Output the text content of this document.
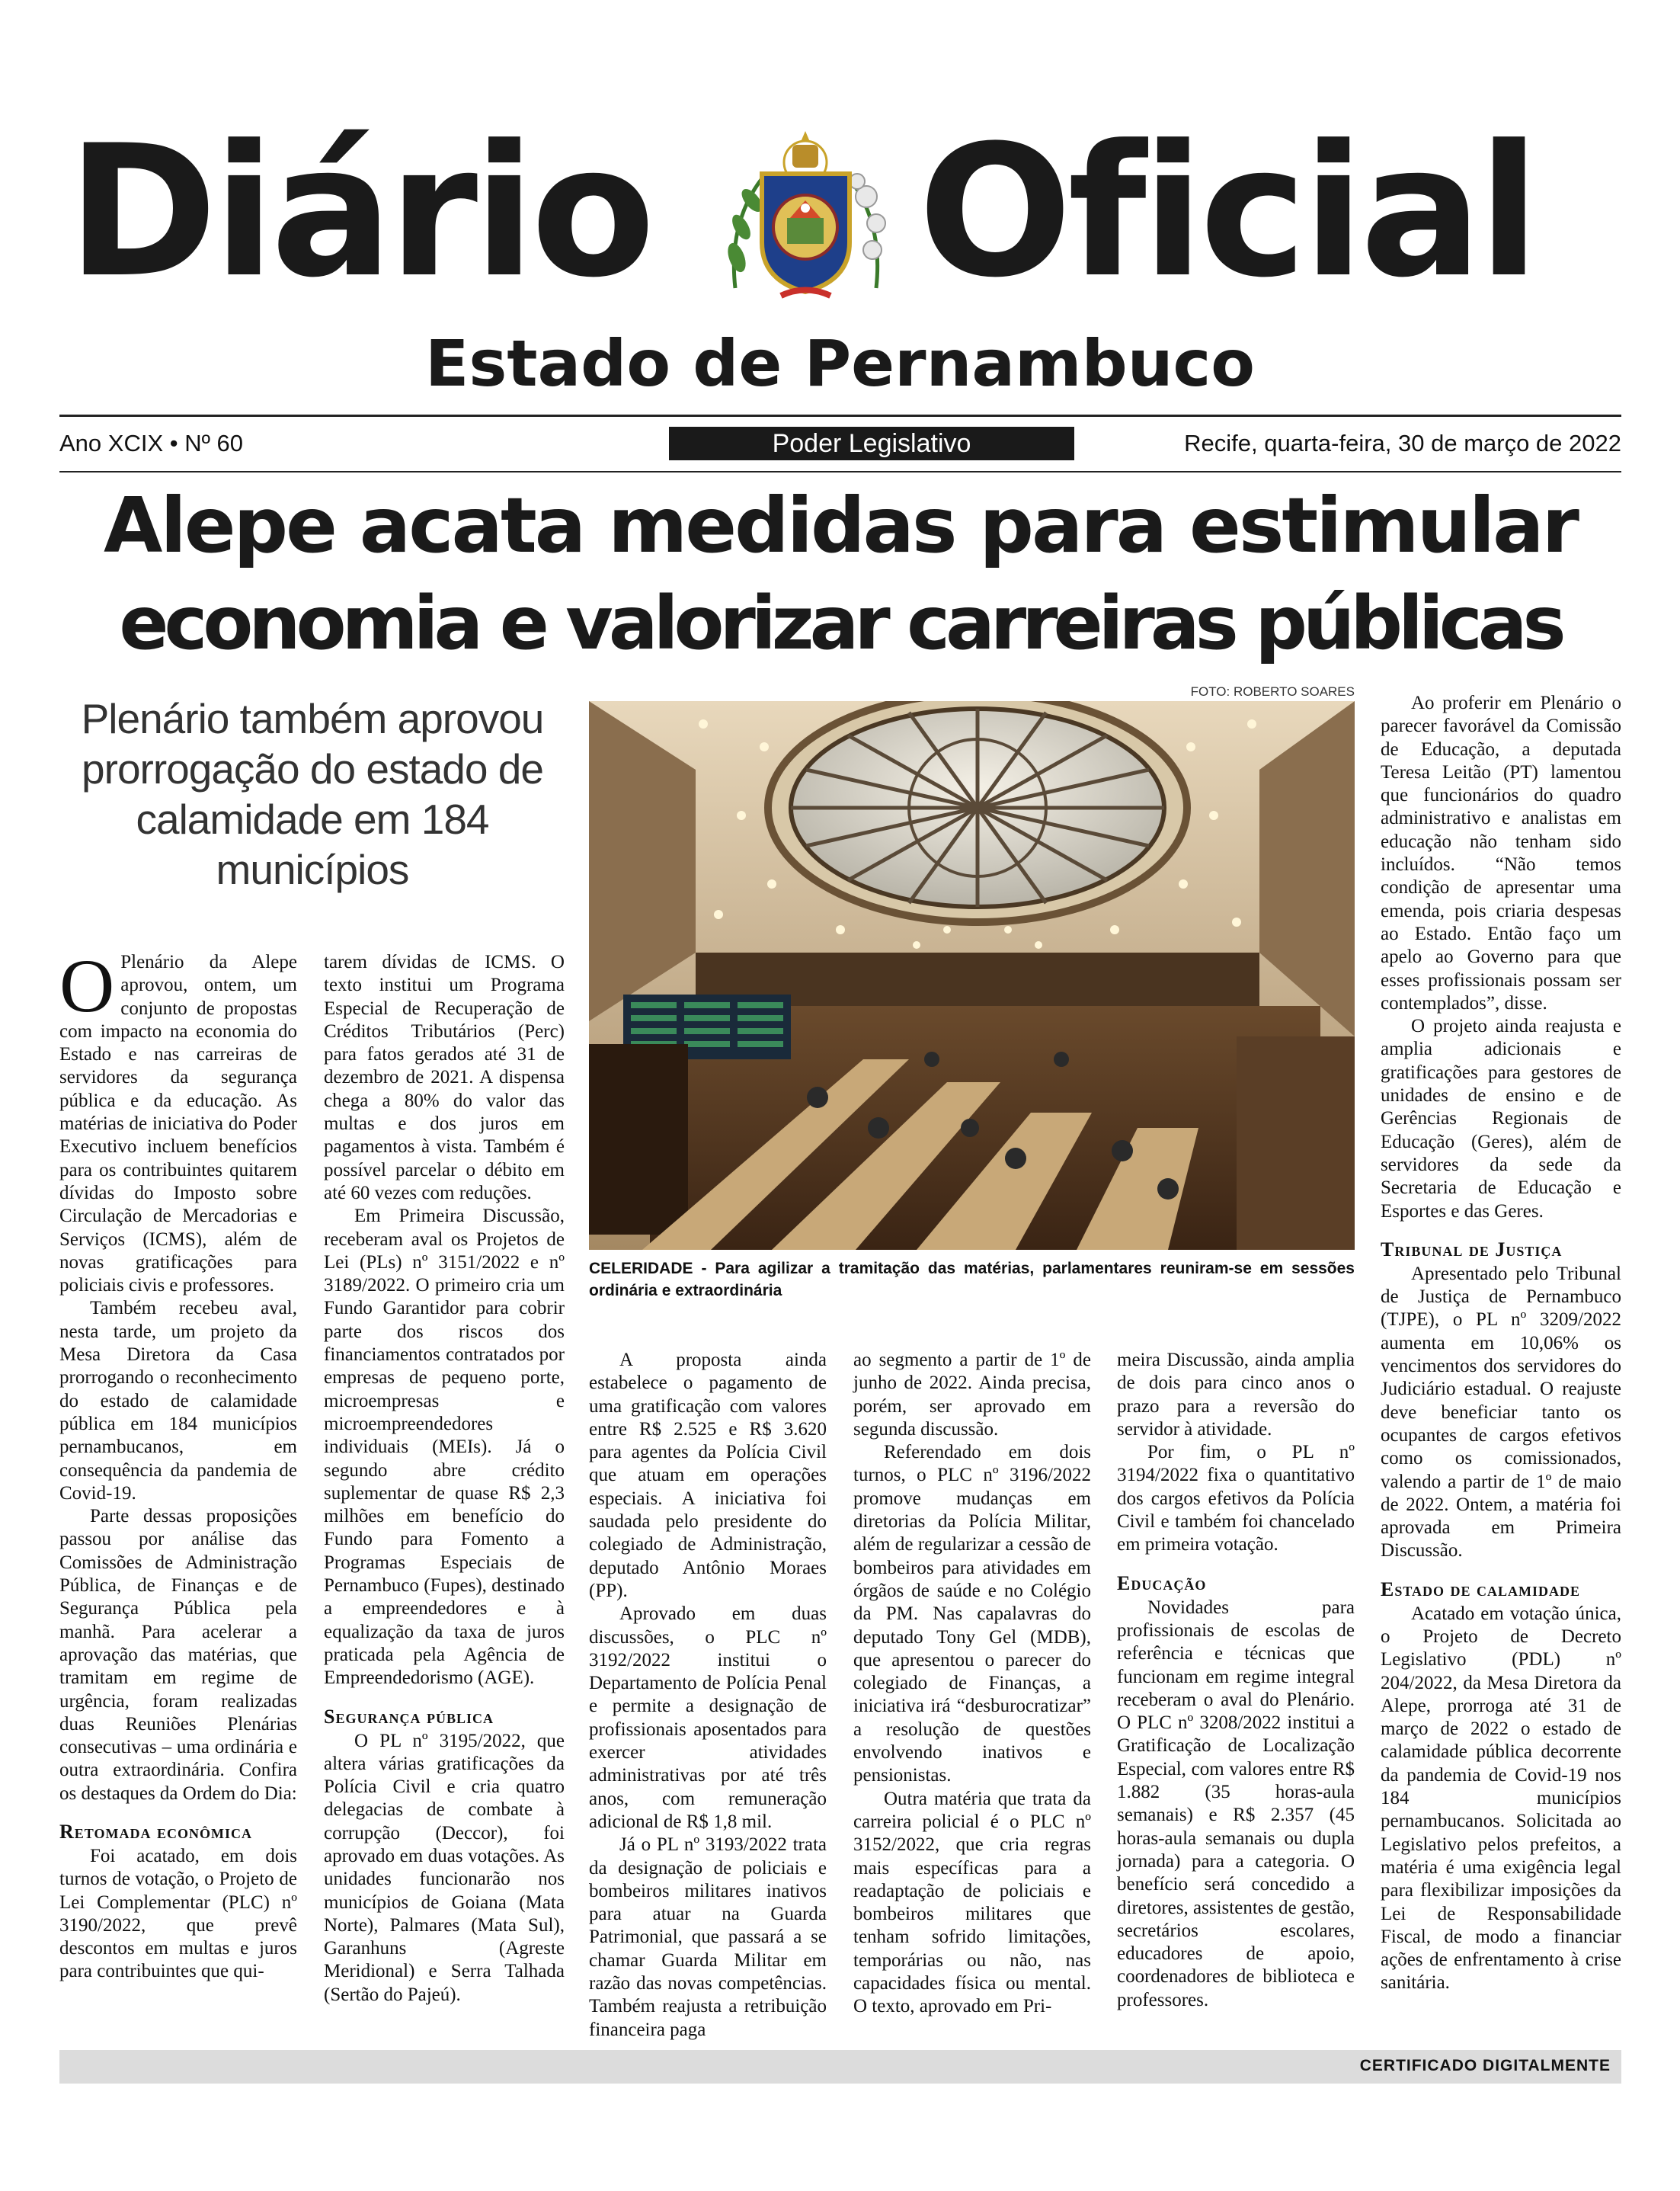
Diário Oficial
Estado de Pernambuco
Ano XCIX • Nº 60	Poder Legislativo	Recife, quarta-feira, 30 de março de 2022
Alepe acata medidas para estimular
economia e valorizar carreiras públicas
Plenário também aprovou prorrogação do estado de calamidade em 184 municípios
FOTO: ROBERTO SOARES
CELERIDADE - Para agilizar a tramitação das matérias, parlamentares reuniram-se em sessões ordinária e extraordinária

O Plenário da Alepe aprovou, ontem, um conjunto de propostas com impacto na economia do Estado e nas carreiras de servidores da segurança pública e da educação. As matérias de iniciativa do Poder Executivo incluem benefícios para os contribuintes quitarem dívidas do Imposto sobre Circulação de Mercadorias e Serviços (ICMS), além de novas gratificações para policiais civis e professores.

Também recebeu aval, nesta tarde, um projeto da Mesa Diretora da Casa prorrogando o reconhecimento do estado de calamidade pública em 184 municípios pernambucanos, em consequência da pandemia de Covid-19.

Parte dessas proposições passou por análise das Comissões de Administração Pública, de Finanças e de Segurança Pública pela manhã. Para acelerar a aprovação das matérias, que tramitam em regime de urgência, foram realizadas duas Reuniões Plenárias consecutivas – uma ordinária e outra extraordinária. Confira os destaques da Ordem do Dia:

Retomada econômica

Foi acatado, em dois turnos de votação, o Projeto de Lei Complementar (PLC) nº 3190/2022, que prevê descontos em multas e juros para contribuintes que qui-

tarem dívidas de ICMS. O texto institui um Programa Especial de Recuperação de Créditos Tributários (Perc) para fatos gerados até 31 de dezembro de 2021. A dispensa chega a 80% do valor das multas e dos juros em pagamentos à vista. Também é possível parcelar o débito em até 60 vezes com reduções.

Em Primeira Discussão, receberam aval os Projetos de Lei (PLs) nº 3151/2022 e nº 3189/2022. O primeiro cria um Fundo Garantidor para cobrir parte dos riscos dos financiamentos contratados por empresas de pequeno porte, microempresas e microempreendedores individuais (MEIs). Já o segundo abre crédito suplementar de quase R$ 2,3 milhões em benefício do Fundo para Fomento a Programas Especiais de Pernambuco (Fupes), destinado a empreendedores e à equalização da taxa de juros praticada pela Agência de Empreendedorismo (AGE).

Segurança pública

O PL nº 3195/2022, que altera várias gratificações da Polícia Civil e cria quatro delegacias de combate à corrupção (Deccor), foi aprovado em duas votações. As unidades funcionarão nos municípios de Goiana (Mata Norte), Palmares (Mata Sul), Garanhuns (Agreste Meridional) e Serra Talhada (Sertão do Pajeú).

A proposta ainda estabelece o pagamento de uma gratificação com valores entre R$ 2.525 e R$ 3.620 para agentes da Polícia Civil que atuam em operações especiais. A iniciativa foi saudada pelo presidente do colegiado de Administração, deputado Antônio Moraes (PP).

Aprovado em duas discussões, o PLC nº 3192/2022 institui o Departamento de Polícia Penal e permite a designação de profissionais aposentados para exercer atividades administrativas por até três anos, com remuneração adicional de R$ 1,8 mil.

Já o PL nº 3193/2022 trata da designação de policiais e bombeiros militares inativos para atuar na Guarda Patrimonial, que passará a se chamar Guarda Militar em razão das novas competências. Também reajusta a retribuição financeira paga

ao segmento a partir de 1º de junho de 2022. Ainda precisa, porém, ser aprovado em segunda discussão.

Referendado em dois turnos, o PLC nº 3196/2022 promove mudanças em diretorias da Polícia Militar, além de regularizar a cessão de bombeiros para atividades em órgãos de saúde e no Colégio da PM. Nas capalavras do deputado Tony Gel (MDB), que apresentou o parecer do colegiado de Finanças, a iniciativa irá “desburocratizar” a resolução de questões envolvendo inativos e pensionistas.

Outra matéria que trata da carreira policial é o PLC nº 3152/2022, que cria regras mais específicas para a readaptação de policiais e bombeiros militares que tenham sofrido limitações, temporárias ou não, nas capacidades física ou mental. O texto, aprovado em Pri-

meira Discussão, ainda amplia de dois para cinco anos o prazo para a reversão do servidor à atividade.

Por fim, o PL nº 3194/2022 fixa o quantitativo dos cargos efetivos da Polícia Civil e também foi chancelado em primeira votação.

Educação

Novidades para profissionais de escolas de referência e técnicas que funcionam em regime integral receberam o aval do Plenário. O PLC nº 3208/2022 institui a Gratificação de Localização Especial, com valores entre R$ 1.882 (35 horas-aula semanais) e R$ 2.357 (45 horas-aula semanais ou dupla jornada) para a categoria. O benefício será concedido a diretores, assistentes de gestão, secretários escolares, educadores de apoio, coordenadores de biblioteca e professores.

Ao proferir em Plenário o parecer favorável da Comissão de Educação, a deputada Teresa Leitão (PT) lamentou que funcionários do quadro administrativo e analistas em educação não tenham sido incluídos. “Não temos condição de apresentar uma emenda, pois criaria despesas ao Estado. Então faço um apelo ao Governo para que esses profissionais possam ser contemplados”, disse.

O projeto ainda reajusta e amplia adicionais e gratificações para gestores de unidades de ensino e de Gerências Regionais de Educação (Geres), além de servidores da sede da Secretaria de Educação e Esportes e das Geres.

Tribunal de Justiça

Apresentado pelo Tribunal de Justiça de Pernambuco (TJPE), o PL nº 3209/2022 aumenta em 10,06% os vencimentos dos servidores do Judiciário estadual. O reajuste deve beneficiar tanto os ocupantes de cargos efetivos como os comissionados, valendo a partir de 1º de maio de 2022. Ontem, a matéria foi aprovada em Primeira Discussão.

Estado de calamidade

Acatado em votação única, o Projeto de Decreto Legislativo (PDL) nº 204/2022, da Mesa Diretora da Alepe, prorroga até 31 de março de 2022 o estado de calamidade pública decorrente da pandemia de Covid-19 nos 184 municípios pernambucanos. Solicitada ao Legislativo pelos prefeitos, a matéria é uma exigência legal para flexibilizar imposições da Lei de Responsabilidade Fiscal, de modo a financiar ações de enfrentamento à crise sanitária.

CERTIFICADO DIGITALMENTE
